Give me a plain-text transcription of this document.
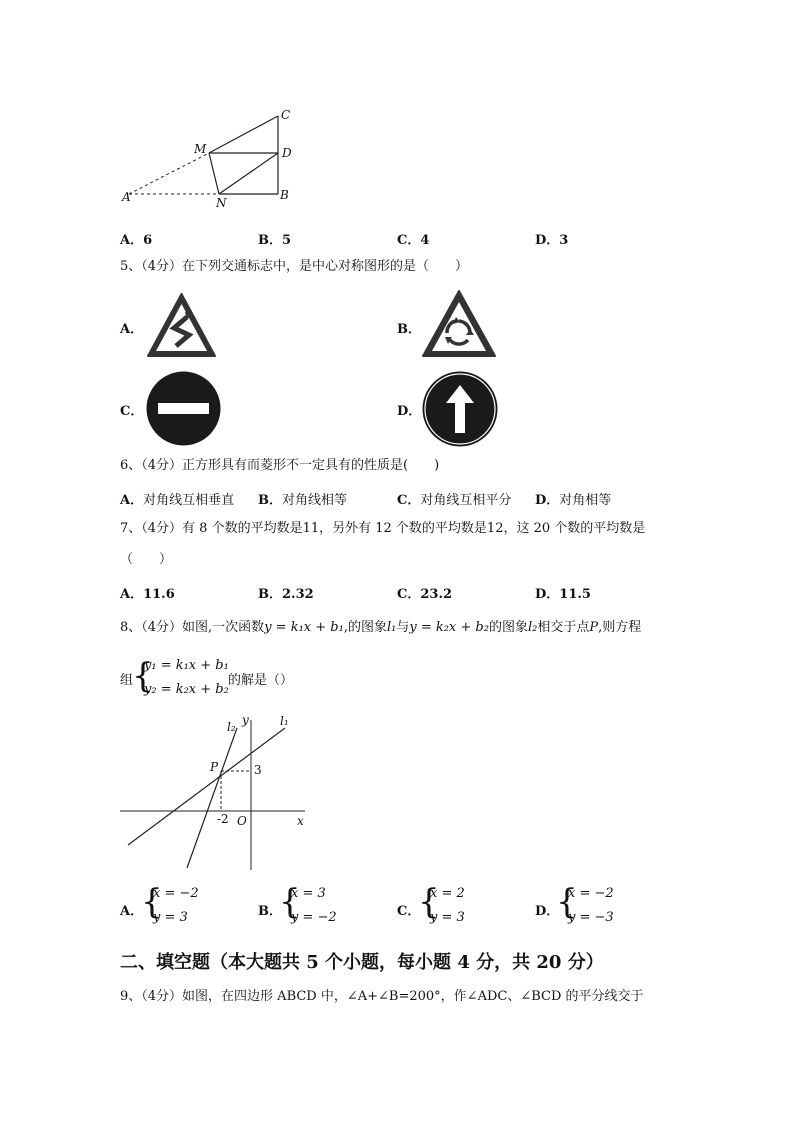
C
M	D
A	N
B
A．6	B．5	C．4	D．3
5、（4分）在下列交通标志中，是中心对称图形的是（　　）
A．	B．
C．	D．
6、（4分）正方形具有而菱形不一定具有的性质是(　　)
A．对角线互相垂直 B．对角线相等	C．对角线互相平分 D．对角相等
7、（4分）有 8 个数的平均数是11，另外有 12 个数的平均数是12，这 20 个数的平均数是
（　　）
A．11.6	B．2.32	C．23.2	D．11.5
8、（4分）如图,一次函数y = k₁x + b₁,的图象l₁与y = k₂x + b₂的图象l₂相交于点P,则方程
组
{
y₁ = k₁x + b₁
y₂ = k₂x + b₂
的解是（）
l₂ y	l₁
P	3
-2 O	x
A．
{
x = −2
y = 3	B．
{
x = 3
y = −2	C．
{
x = 2
y = 3	D．
{
x = −2
y = −3
二、填空题（本大题共 5 个小题，每小题 4 分，共 20 分）
9、（4分）如图，在四边形 ABCD 中，∠A+∠B=200°，作∠ADC、∠BCD 的平分线交于
